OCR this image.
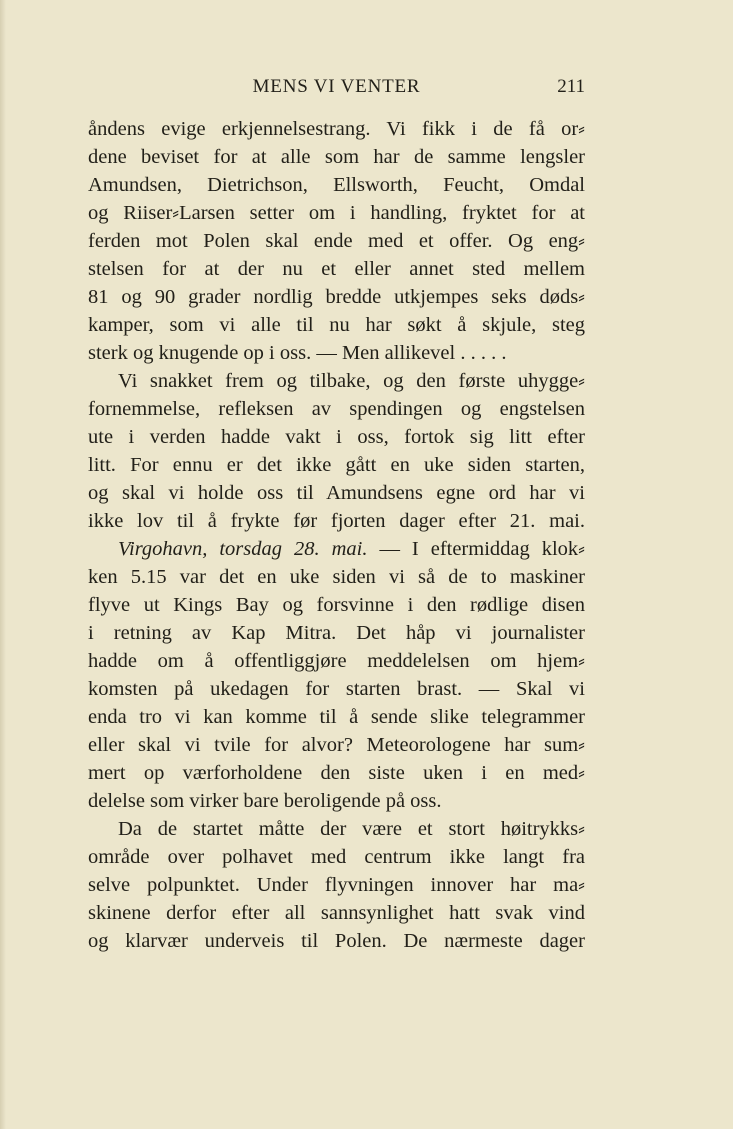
MENS VI VENTER	211
åndens evige erkjennelsestrang. Vi fikk i de få or⸗
dene beviset for at alle som har de samme lengsler
Amundsen, Dietrichson, Ellsworth, Feucht, Omdal
og Riiser⸗Larsen setter om i handling, fryktet for at
ferden mot Polen skal ende med et offer. Og eng⸗
stelsen for at der nu et eller annet sted mellem
81 og 90 grader nordlig bredde utkjempes seks døds⸗
kamper, som vi alle til nu har søkt å skjule, steg
sterk og knugende op i oss. — Men allikevel . . . . .
Vi snakket frem og tilbake, og den første uhygge⸗
fornemmelse, refleksen av spendingen og engstelsen
ute i verden hadde vakt i oss, fortok sig litt efter
litt. For ennu er det ikke gått en uke siden starten,
og skal vi holde oss til Amundsens egne ord har vi
ikke lov til å frykte før fjorten dager efter 21. mai.
Virgohavn, torsdag 28. mai. — I eftermiddag klok⸗
ken 5.15 var det en uke siden vi så de to maskiner
flyve ut Kings Bay og forsvinne i den rødlige disen
i retning av Kap Mitra. Det håp vi journalister
hadde om å offentliggjøre meddelelsen om hjem⸗
komsten på ukedagen for starten brast. — Skal vi
enda tro vi kan komme til å sende slike telegrammer
eller skal vi tvile for alvor? Meteorologene har sum⸗
mert op værforholdene den siste uken i en med⸗
delelse som virker bare beroligende på oss.
Da de startet måtte der være et stort høitrykks⸗
område over polhavet med centrum ikke langt fra
selve polpunktet. Under flyvningen innover har ma⸗
skinene derfor efter all sannsynlighet hatt svak vind
og klarvær underveis til Polen. De nærmeste dager
